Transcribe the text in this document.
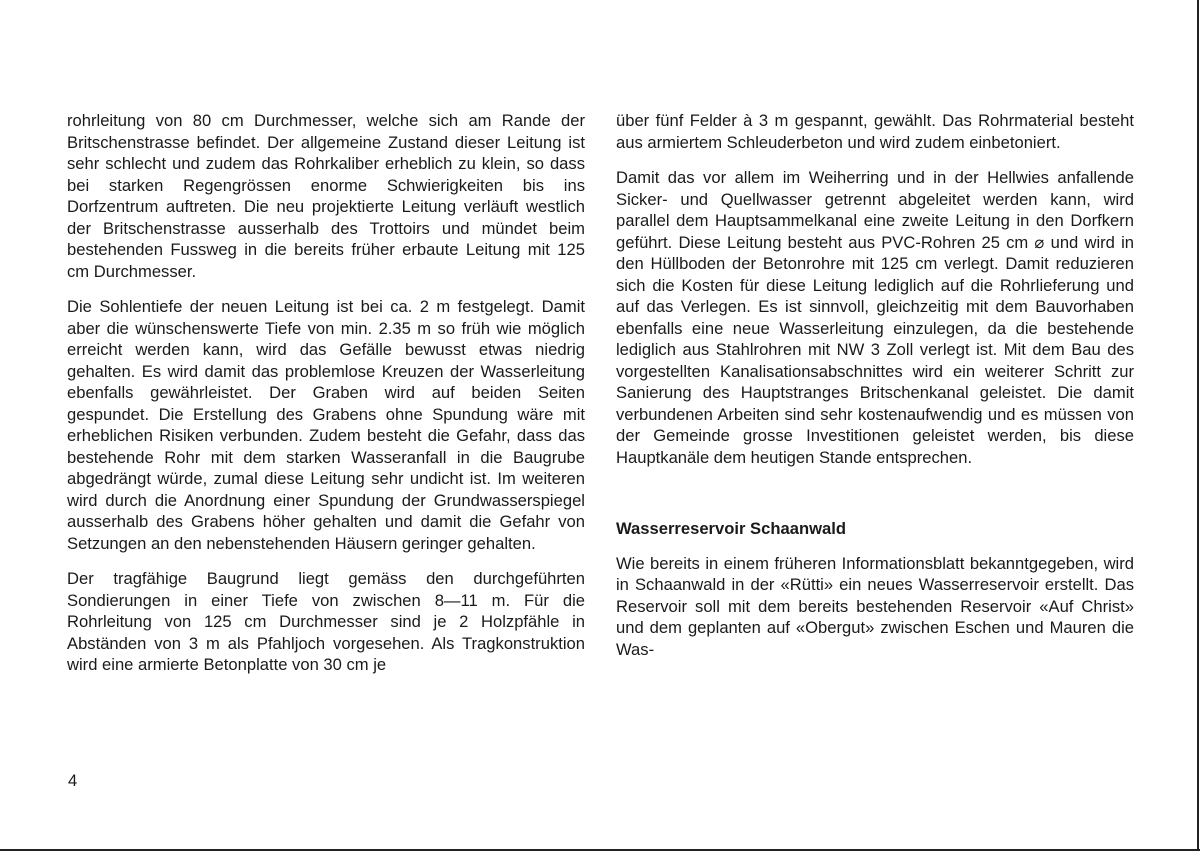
rohrleitung von 80 cm Durchmesser, welche sich am Rande der Britschenstrasse befindet. Der allgemeine Zustand dieser Leitung ist sehr schlecht und zudem das Rohrkaliber erheblich zu klein, so dass bei starken Regengrössen enorme Schwierigkeiten bis ins Dorfzentrum auftreten. Die neu projektierte Leitung verläuft westlich der Britschenstrasse ausserhalb des Trottoirs und mündet beim bestehenden Fussweg in die bereits früher erbaute Leitung mit 125 cm Durchmesser.

Die Sohlentiefe der neuen Leitung ist bei ca. 2 m festgelegt. Damit aber die wünschenswerte Tiefe von min. 2.35 m so früh wie möglich erreicht werden kann, wird das Gefälle bewusst etwas niedrig gehalten. Es wird damit das problemlose Kreuzen der Wasserleitung ebenfalls gewährleistet. Der Graben wird auf beiden Seiten gespundet. Die Erstellung des Grabens ohne Spundung wäre mit erheblichen Risiken verbunden. Zudem besteht die Gefahr, dass das bestehende Rohr mit dem starken Wasseranfall in die Baugrube abgedrängt würde, zumal diese Leitung sehr undicht ist. Im weiteren wird durch die Anordnung einer Spundung der Grundwasserspiegel ausserhalb des Grabens höher gehalten und damit die Gefahr von Setzungen an den nebenstehenden Häusern geringer gehalten.

Der tragfähige Baugrund liegt gemäss den durchgeführten Sondierungen in einer Tiefe von zwischen 8—11 m. Für die Rohrleitung von 125 cm Durchmesser sind je 2 Holzpfähle in Abständen von 3 m als Pfahljoch vorgesehen. Als Tragkonstruktion wird eine armierte Betonplatte von 30 cm je

über fünf Felder à 3 m gespannt, gewählt. Das Rohrmaterial besteht aus armiertem Schleuderbeton und wird zudem einbetoniert.

Damit das vor allem im Weiherring und in der Hellwies anfallende Sicker- und Quellwasser getrennt abgeleitet werden kann, wird parallel dem Hauptsammelkanal eine zweite Leitung in den Dorfkern geführt. Diese Leitung besteht aus PVC-Rohren 25 cm ⌀ und wird in den Hüllboden der Betonrohre mit 125 cm verlegt. Damit reduzieren sich die Kosten für diese Leitung lediglich auf die Rohrlieferung und auf das Verlegen. Es ist sinnvoll, gleichzeitig mit dem Bauvorhaben ebenfalls eine neue Wasserleitung einzulegen, da die bestehende lediglich aus Stahlrohren mit NW 3 Zoll verlegt ist. Mit dem Bau des vorgestellten Kanalisationsabschnittes wird ein weiterer Schritt zur Sanierung des Hauptstranges Britschenkanal geleistet. Die damit verbundenen Arbeiten sind sehr kostenaufwendig und es müssen von der Gemeinde grosse Investitionen geleistet werden, bis diese Hauptkanäle dem heutigen Stande entsprechen.

Wasserreservoir Schaanwald

Wie bereits in einem früheren Informationsblatt bekanntgegeben, wird in Schaanwald in der «Rütti» ein neues Wasserreservoir erstellt. Das Reservoir soll mit dem bereits bestehenden Reservoir «Auf Christ» und dem geplanten auf «Obergut» zwischen Eschen und Mauren die Was-

4
